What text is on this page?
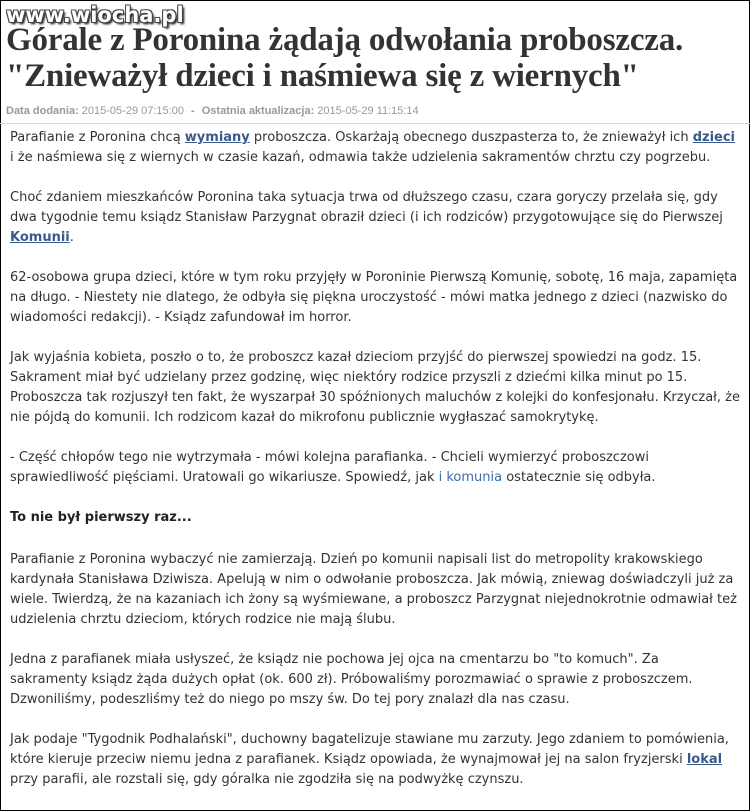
www.wiocha.pl
Górale z Poronina żądają odwołania proboszcza.
"Znieważył dzieci i naśmiewa się z wiernych"
Data dodania: 2015-05-29 07:15:00 - Ostatnia aktualizacja: 2015-05-29 11:15:14

Parafianie z Poronina chcą wymiany proboszcza. Oskarżają obecnego duszpasterza to, że znieważył ich dzieci i że naśmiewa się z wiernych w czasie kazań, odmawia także udzielenia sakramentów chrztu czy pogrzebu.

Choć zdaniem mieszkańców Poronina taka sytuacja trwa od dłuższego czasu, czara goryczy przelała się, gdy dwa tygodnie temu ksiądz Stanisław Parzygnat obraził dzieci (i ich rodziców) przygotowujące się do Pierwszej Komunii.

62-osobowa grupa dzieci, które w tym roku przyjęły w Poroninie Pierwszą Komunię, sobotę, 16 maja, zapamięta na długo. - Niestety nie dlatego, że odbyła się piękna uroczystość - mówi matka jednego z dzieci (nazwisko do wiadomości redakcji). - Ksiądz zafundował im horror.

Jak wyjaśnia kobieta, poszło o to, że proboszcz kazał dzieciom przyjść do pierwszej spowiedzi na godz. 15. Sakrament miał być udzielany przez godzinę, więc niektóry rodzice przyszli z dziećmi kilka minut po 15. Proboszcza tak rozjuszył ten fakt, że wyszarpał 30 spóźnionych maluchów z kolejki do konfesjonału. Krzyczał, że nie pójdą do komunii. Ich rodzicom kazał do mikrofonu publicznie wygłaszać samokrytykę.

- Część chłopów tego nie wytrzymała - mówi kolejna parafianka. - Chcieli wymierzyć proboszczowi sprawiedliwość pięściami. Uratowali go wikariusze. Spowiedź, jak i komunia ostatecznie się odbyła.

To nie był pierwszy raz...

Parafianie z Poronina wybaczyć nie zamierzają. Dzień po komunii napisali list do metropolity krakowskiego kardynała Stanisława Dziwisza. Apelują w nim o odwołanie proboszcza. Jak mówią, zniewag doświadczyli już za wiele. Twierdzą, że na kazaniach ich żony są wyśmiewane, a proboszcz Parzygnat niejednokrotnie odmawiał też udzielenia chrztu dzieciom, których rodzice nie mają ślubu.

Jedna z parafianek miała usłyszeć, że ksiądz nie pochowa jej ojca na cmentarzu bo "to komuch". Za sakramenty ksiądz żąda dużych opłat (ok. 600 zł). Próbowaliśmy porozmawiać o sprawie z proboszczem. Dzwoniliśmy, podeszliśmy też do niego po mszy św. Do tej pory znalazł dla nas czasu.

Jak podaje "Tygodnik Podhalański", duchowny bagatelizuje stawiane mu zarzuty. Jego zdaniem to pomówienia, które kieruje przeciw niemu jedna z parafianek. Ksiądz opowiada, że wynajmował jej na salon fryzjerski lokal przy parafii, ale rozstali się, gdy góralka nie zgodziła się na podwyżkę czynszu.
